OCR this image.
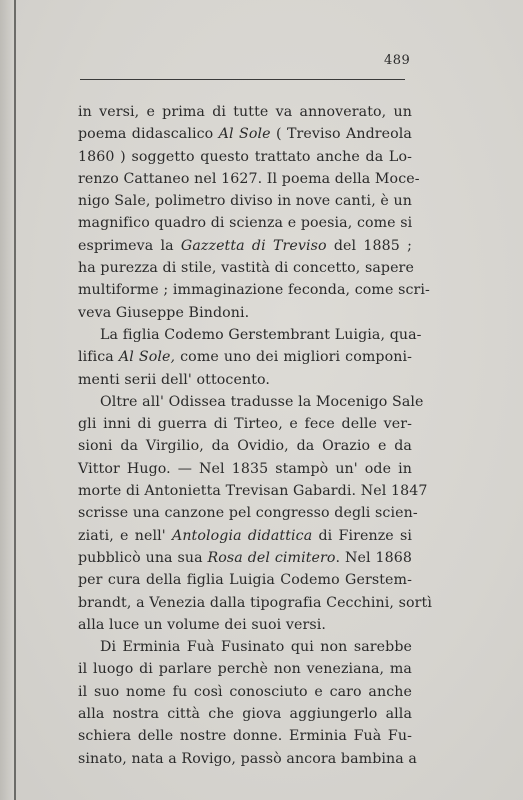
489
in versi, e prima di tutte va annoverato, un
poema didascalico Al Sole ( Treviso Andreola
1860 ) soggetto questo trattato anche da Lo-
renzo Cattaneo nel 1627. Il poema della Moce-
nigo Sale, polimetro diviso in nove canti, è un
magnifico quadro di scienza e poesia, come si
esprimeva la Gazzetta di Treviso del 1885 ;
ha purezza di stile, vastità di concetto, sapere
multiforme ; immaginazione feconda, come scri-
veva Giuseppe Bindoni.
La figlia Codemo Gerstembrant Luigia, qua-
lifica Al Sole, come uno dei migliori componi-
menti serii dell' ottocento.
Oltre all' Odissea tradusse la Mocenigo Sale
gli inni di guerra di Tirteo, e fece delle ver-
sioni da Virgilio, da Ovidio, da Orazio e da
Vittor Hugo. — Nel 1835 stampò un' ode in
morte di Antonietta Trevisan Gabardi. Nel 1847
scrisse una canzone pel congresso degli scien-
ziati, e nell' Antologia didattica di Firenze si
pubblicò una sua Rosa del cimitero. Nel 1868
per cura della figlia Luigia Codemo Gerstem-
brandt, a Venezia dalla tipografia Cecchini, sortì
alla luce un volume dei suoi versi.
Di Erminia Fuà Fusinato qui non sarebbe
il luogo di parlare perchè non veneziana, ma
il suo nome fu così conosciuto e caro anche
alla nostra città che giova aggiungerlo alla
schiera delle nostre donne. Erminia Fuà Fu-
sinato, nata a Rovigo, passò ancora bambina a
